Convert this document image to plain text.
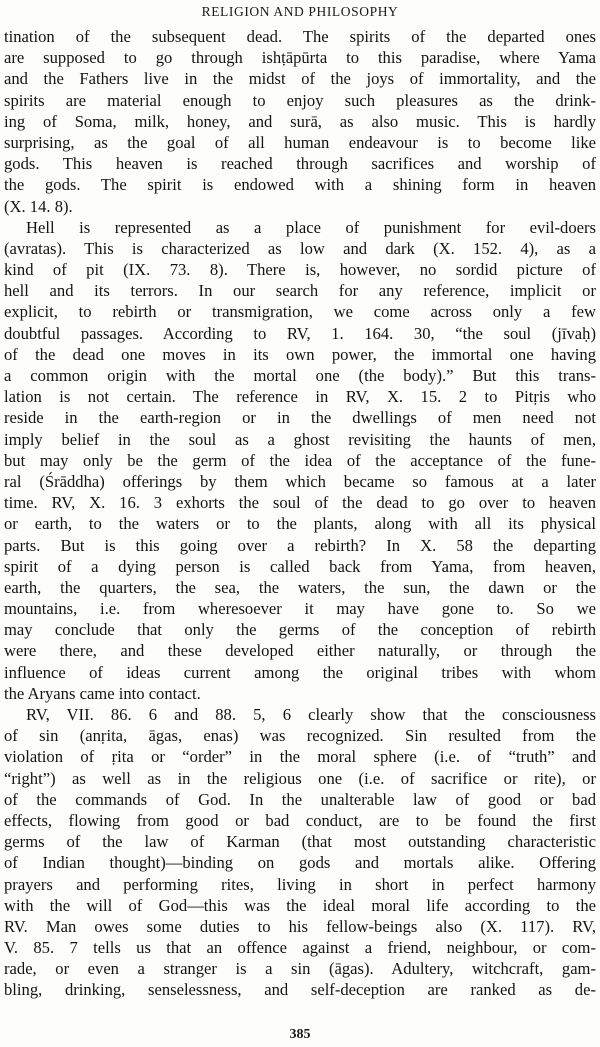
RELIGION AND PHILOSOPHY
tination of the subsequent dead. The spirits of the departed ones
are supposed to go through ishṭāpūrta to this paradise, where Yama
and the Fathers live in the midst of the joys of immortality, and the
spirits are material enough to enjoy such pleasures as the drink-
ing of Soma, milk, honey, and surā, as also music. This is hardly
surprising, as the goal of all human endeavour is to become like
gods. This heaven is reached through sacrifices and worship of
the gods. The spirit is endowed with a shining form in heaven
(X. 14. 8).
Hell is represented as a place of punishment for evil-doers
(avratas). This is characterized as low and dark (X. 152. 4), as a
kind of pit (IX. 73. 8). There is, however, no sordid picture of
hell and its terrors. In our search for any reference, implicit or
explicit, to rebirth or transmigration, we come across only a few
doubtful passages. According to RV, 1. 164. 30, “the soul (jīvaḥ)
of the dead one moves in its own power, the immortal one having
a common origin with the mortal one (the body).” But this trans-
lation is not certain. The reference in RV, X. 15. 2 to Pitṛis who
reside in the earth-region or in the dwellings of men need not
imply belief in the soul as a ghost revisiting the haunts of men,
but may only be the germ of the idea of the acceptance of the fune-
ral (Śrāddha) offerings by them which became so famous at a later
time. RV, X. 16. 3 exhorts the soul of the dead to go over to heaven
or earth, to the waters or to the plants, along with all its physical
parts. But is this going over a rebirth? In X. 58 the departing
spirit of a dying person is called back from Yama, from heaven,
earth, the quarters, the sea, the waters, the sun, the dawn or the
mountains, i.e. from wheresoever it may have gone to. So we
may conclude that only the germs of the conception of rebirth
were there, and these developed either naturally, or through the
influence of ideas current among the original tribes with whom
the Aryans came into contact.
RV, VII. 86. 6 and 88. 5, 6 clearly show that the consciousness
of sin (anṛita, āgas, enas) was recognized. Sin resulted from the
violation of ṛita or “order” in the moral sphere (i.e. of “truth” and
“right”) as well as in the religious one (i.e. of sacrifice or rite), or
of the commands of God. In the unalterable law of good or bad
effects, flowing from good or bad conduct, are to be found the first
germs of the law of Karman (that most outstanding characteristic
of Indian thought)—binding on gods and mortals alike. Offering
prayers and performing rites, living in short in perfect harmony
with the will of God—this was the ideal moral life according to the
RV. Man owes some duties to his fellow-beings also (X. 117). RV,
V. 85. 7 tells us that an offence against a friend, neighbour, or com-
rade, or even a stranger is a sin (āgas). Adultery, witchcraft, gam-
bling, drinking, senselessness, and self-deception are ranked as de-
385
